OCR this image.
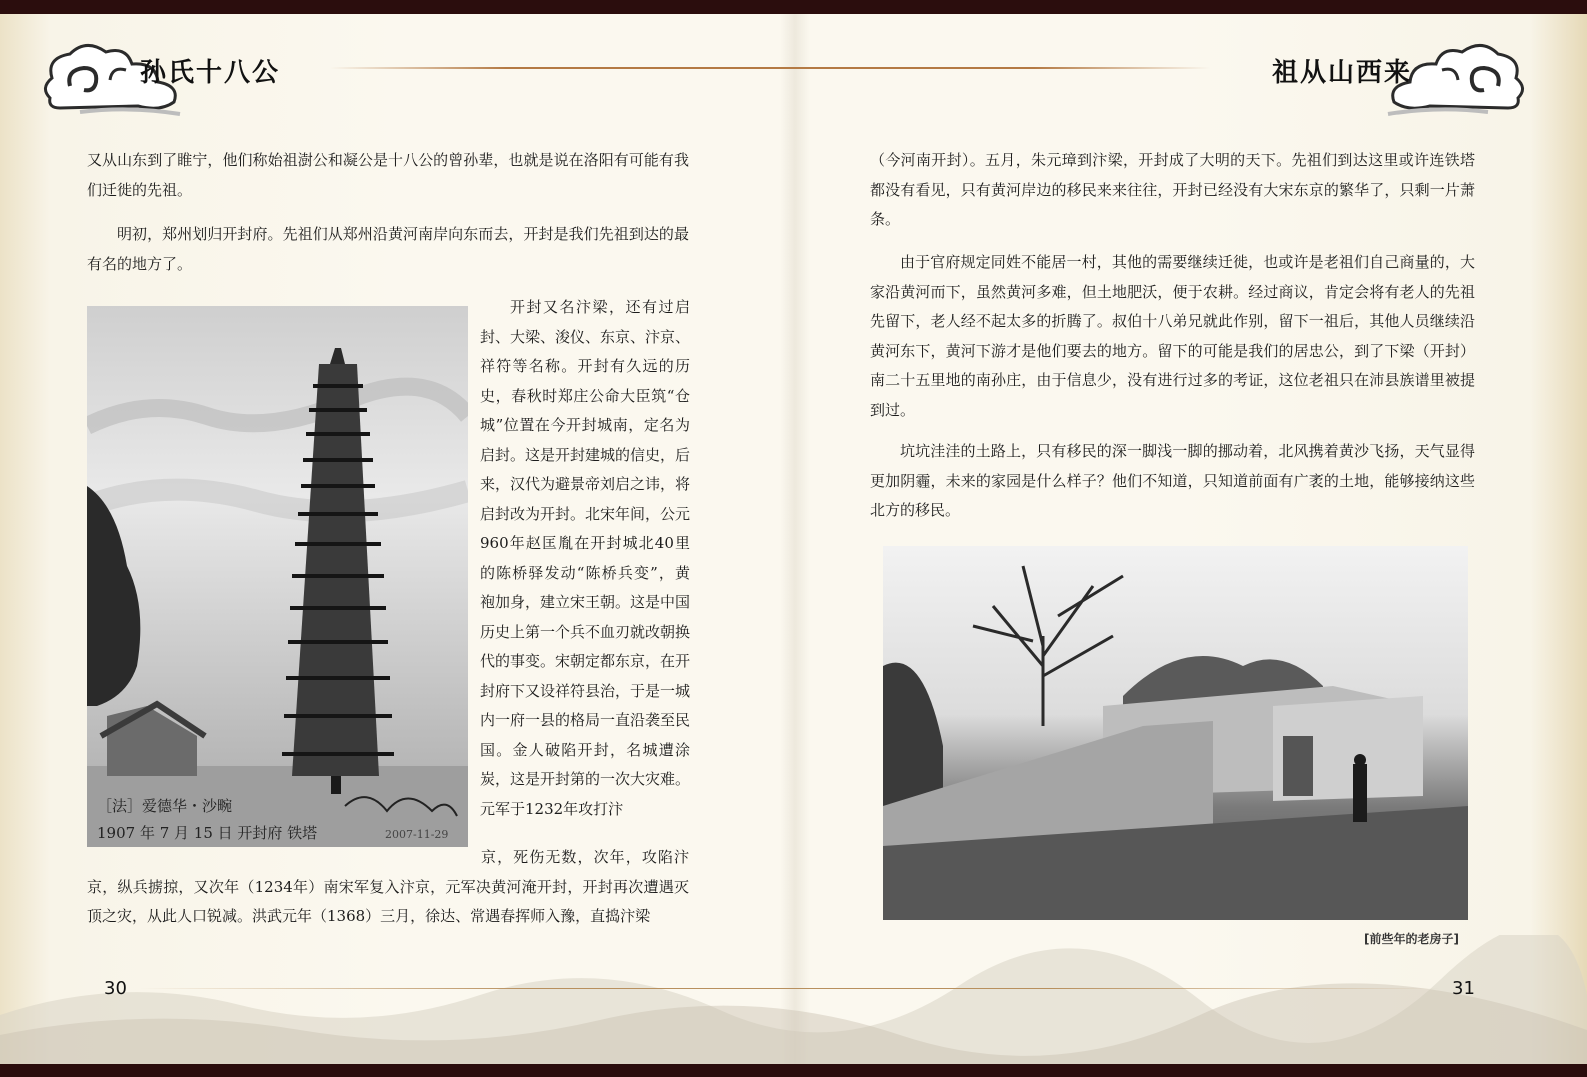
孙氏十八公	祖从山西来

又从山东到了睢宁，他们称始祖澍公和凝公是十八公的曾孙辈，也就是说在洛阳有可能有我们迁徙的先祖。

明初，郑州划归开封府。先祖们从郑州沿黄河南岸向东而去，开封是我们先祖到达的最有名的地方了。

［法］爱德华・沙畹
1907 年 7 月 15 日 开封府 铁塔	2007-11-29

开封又名汴梁，还有过启封、大梁、浚仪、东京、汴京、祥符等名称。开封有久远的历史，春秋时郑庄公命大臣筑“仓城”位置在今开封城南，定名为启封。这是开封建城的信史，后来，汉代为避景帝刘启之讳，将启封改为开封。北宋年间，公元960年赵匡胤在开封城北40里的陈桥驿发动“陈桥兵变”，黄袍加身，建立宋王朝。这是中国历史上第一个兵不血刃就改朝换代的事变。宋朝定都东京，在开封府下又设祥符县治，于是一城内一府一县的格局一直沿袭至民国。金人破陷开封，名城遭涂炭，这是开封第的一次大灾难。 元军于1232年攻打汴

京，死伤无数，次年，攻陷汴京，纵兵掳掠，又次年（1234年）南宋军复入汴京，元军决黄河淹开封，开封再次遭遇灭顶之灾，从此人口锐减。洪武元年（1368）三月，徐达、常遇春挥师入豫，直捣汴梁

30

（今河南开封）。五月，朱元璋到汴梁，开封成了大明的天下。先祖们到达这里或许连铁塔都没有看见，只有黄河岸边的移民来来往往，开封已经没有大宋东京的繁华了，只剩一片萧条。

由于官府规定同姓不能居一村，其他的需要继续迁徙，也或许是老祖们自己商量的，大家沿黄河而下，虽然黄河多难，但土地肥沃，便于农耕。经过商议，肯定会将有老人的先祖先留下，老人经不起太多的折腾了。叔伯十八弟兄就此作别，留下一祖后，其他人员继续沿黄河东下，黄河下游才是他们要去的地方。留下的可能是我们的居忠公，到了下梁（开封）南二十五里地的南孙庄，由于信息少，没有进行过多的考证，这位老祖只在沛县族谱里被提到过。

坑坑洼洼的土路上，只有移民的深一脚浅一脚的挪动着，北风携着黄沙飞扬，天气显得更加阴霾，未来的家园是什么样子？他们不知道，只知道前面有广袤的土地，能够接纳这些北方的移民。

[前些年的老房子]
31
